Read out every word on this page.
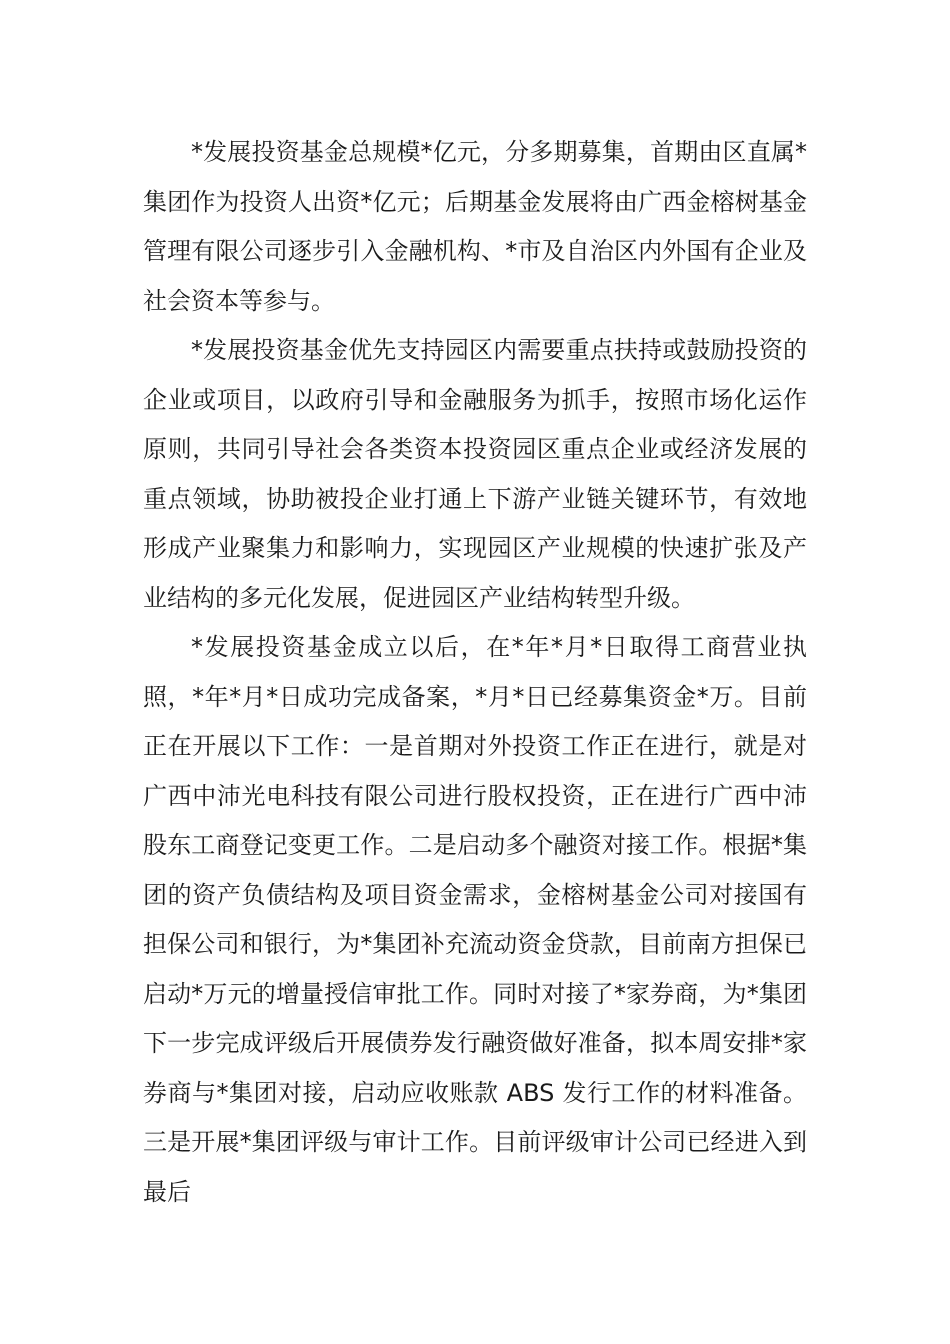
*发展投资基金总规模*亿元，分多期募集，首期由区直属*集团作为投资人出资*亿元；后期基金发展将由广西金榕树基金管理有限公司逐步引入金融机构、*市及自治区内外国有企业及社会资本等参与。

*发展投资基金优先支持园区内需要重点扶持或鼓励投资的企业或项目，以政府引导和金融服务为抓手，按照市场化运作原则，共同引导社会各类资本投资园区重点企业或经济发展的重点领域，协助被投企业打通上下游产业链关键环节，有效地形成产业聚集力和影响力，实现园区产业规模的快速扩张及产业结构的多元化发展，促进园区产业结构转型升级。

*发展投资基金成立以后，在*年*月*日取得工商营业执照，*年*月*日成功完成备案，*月*日已经募集资金*万。目前正在开展以下工作：一是首期对外投资工作正在进行，就是对广西中沛光电科技有限公司进行股权投资，正在进行广西中沛股东工商登记变更工作。二是启动多个融资对接工作。根据*集团的资产负债结构及项目资金需求，金榕树基金公司对接国有担保公司和银行，为*集团补充流动资金贷款，目前南方担保已启动*万元的增量授信审批工作。同时对接了*家券商，为*集团下一步完成评级后开展债券发行融资做好准备，拟本周安排*家券商与*集团对接，启动应收账款 ABS 发行工作的材料准备。三是开展*集团评级与审计工作。目前评级审计公司已经进入到最后
